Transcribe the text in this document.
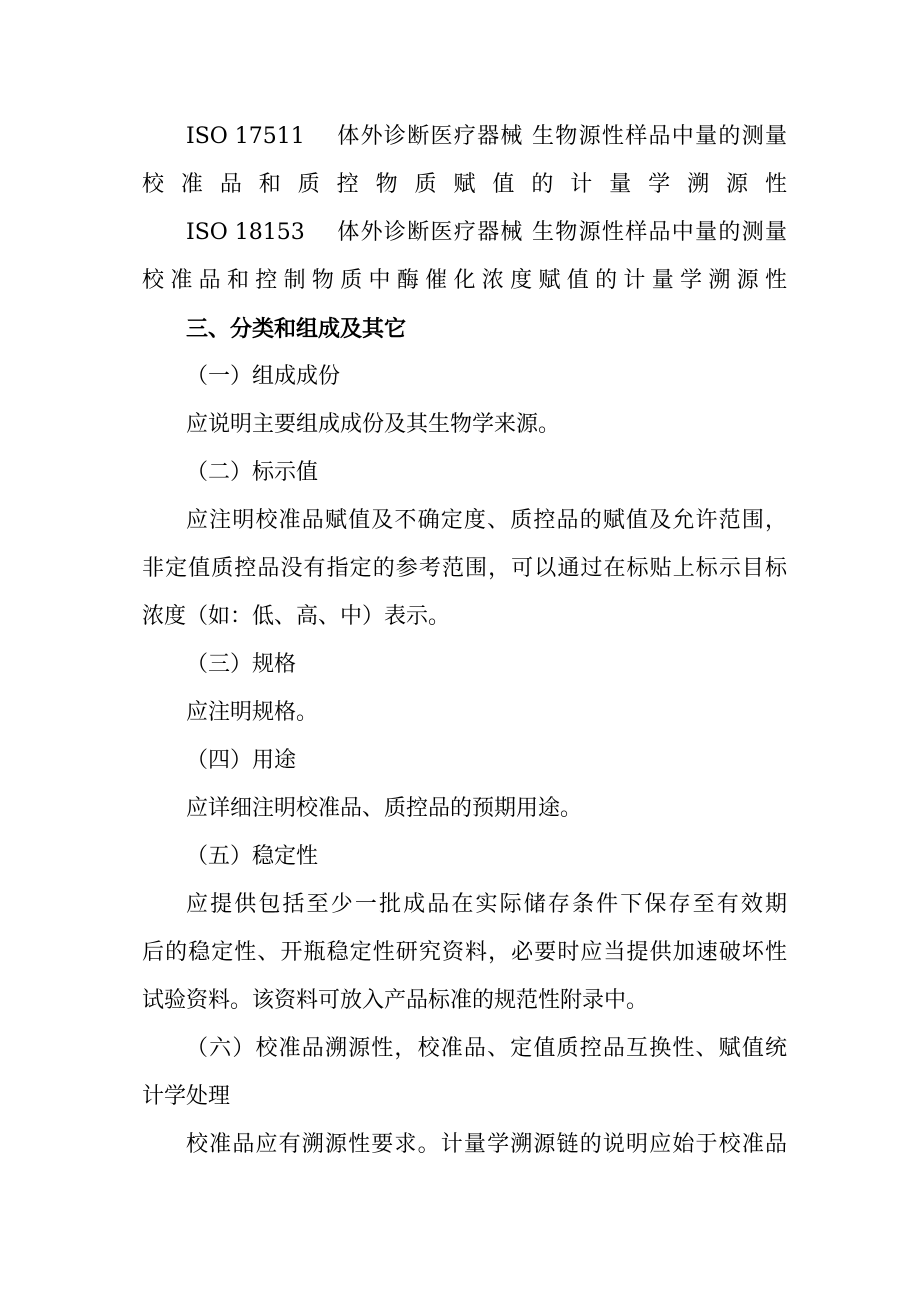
ISO 17511 体外诊断医疗器械 生物源性样品中量的测量
校准品和质控物质赋值的计量学溯源性
ISO 18153 体外诊断医疗器械 生物源性样品中量的测量
校准品和控制物质中酶催化浓度赋值的计量学溯源性
三、分类和组成及其它
（一）组成成份
应说明主要组成成份及其生物学来源。
（二）标示值
应注明校准品赋值及不确定度、质控品的赋值及允许范围，
非定值质控品没有指定的参考范围，可以通过在标贴上标示目标
浓度（如：低、高、中）表示。
（三）规格
应注明规格。
（四）用途
应详细注明校准品、质控品的预期用途。
（五）稳定性
应提供包括至少一批成品在实际储存条件下保存至有效期
后的稳定性、开瓶稳定性研究资料，必要时应当提供加速破坏性
试验资料。该资料可放入产品标准的规范性附录中。
（六）校准品溯源性，校准品、定值质控品互换性、赋值统
计学处理
校准品应有溯源性要求。计量学溯源链的说明应始于校准品
